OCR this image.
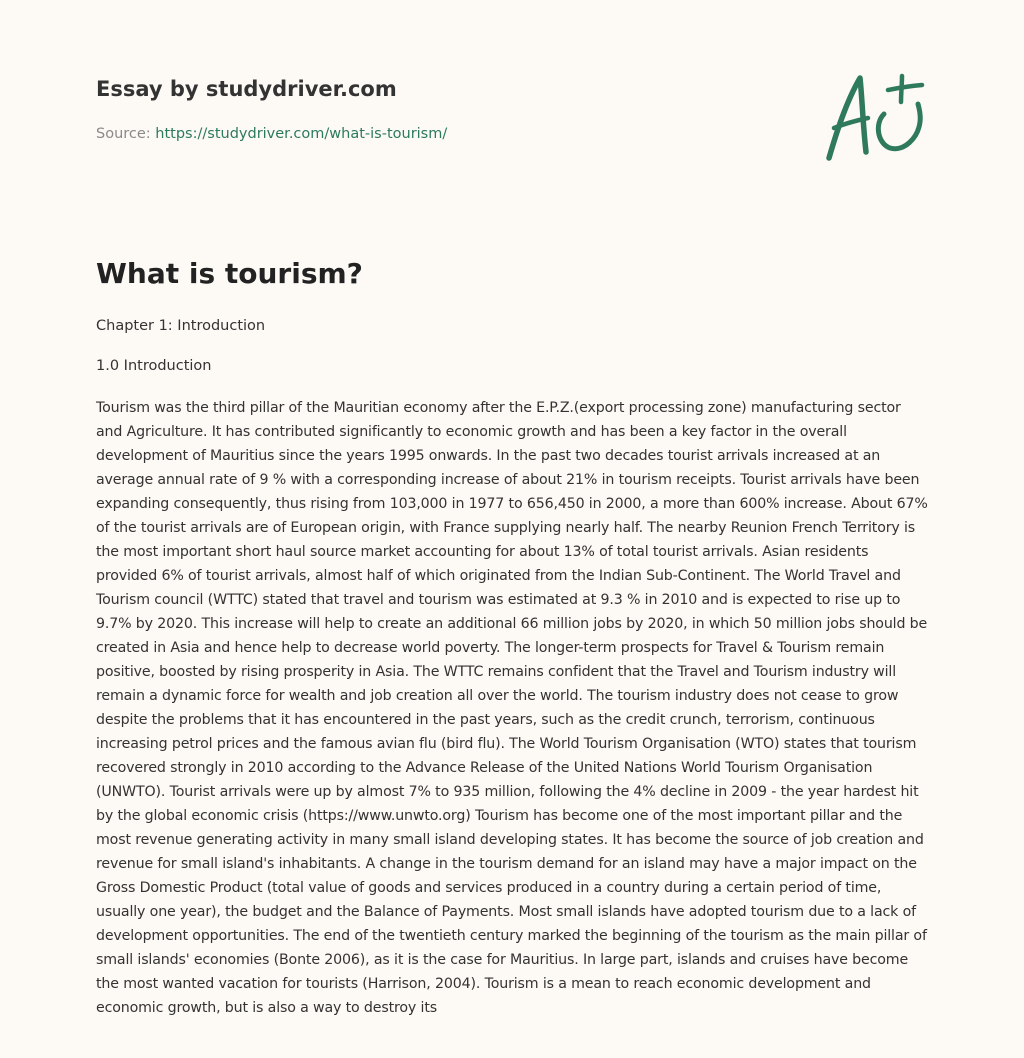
Essay by studydriver.com
Source: https://studydriver.com/what-is-tourism/
What is tourism?
Chapter 1: Introduction
1.0 Introduction

Tourism was the third pillar of the Mauritian economy after the E.P.Z.(export processing zone) manufacturing sector and Agriculture. It has contributed significantly to economic growth and has been a key factor in the overall development of Mauritius since the years 1995 onwards. In the past two decades tourist arrivals increased at an average annual rate of 9 % with a corresponding increase of about 21% in tourism receipts. Tourist arrivals have been expanding consequently, thus rising from 103,000 in 1977 to 656,450 in 2000, a more than 600% increase. About 67% of the tourist arrivals are of European origin, with France supplying nearly half. The nearby Reunion French Territory is the most important short haul source market accounting for about 13% of total tourist arrivals. Asian residents provided 6% of tourist arrivals, almost half of which originated from the Indian Sub-Continent. The World Travel and Tourism council (WTTC) stated that travel and tourism was estimated at 9.3 % in 2010 and is expected to rise up to 9.7% by 2020. This increase will help to create an additional 66 million jobs by 2020, in which 50 million jobs should be created in Asia and hence help to decrease world poverty. The longer-term prospects for Travel & Tourism remain positive, boosted by rising prosperity in Asia. The WTTC remains confident that the Travel and Tourism industry will remain a dynamic force for wealth and job creation all over the world. The tourism industry does not cease to grow despite the problems that it has encountered in the past years, such as the credit crunch, terrorism, continuous increasing petrol prices and the famous avian flu (bird flu). The World Tourism Organisation (WTO) states that tourism recovered strongly in 2010 according to the Advance Release of the United Nations World Tourism Organisation (UNWTO). Tourist arrivals were up by almost 7% to 935 million, following the 4% decline in 2009 - the year hardest hit by the global economic crisis (https://www.unwto.org) Tourism has become one of the most important pillar and the most revenue generating activity in many small island developing states. It has become the source of job creation and revenue for small island's inhabitants. A change in the tourism demand for an island may have a major impact on the Gross Domestic Product (total value of goods and services produced in a country during a certain period of time, usually one year), the budget and the Balance of Payments. Most small islands have adopted tourism due to a lack of development opportunities. The end of the twentieth century marked the beginning of the tourism as the main pillar of small islands' economies (Bonte 2006), as it is the case for Mauritius. In large part, islands and cruises have become the most wanted vacation for tourists (Harrison, 2004). Tourism is a mean to reach economic development and economic growth, but is also a way to destroy its
